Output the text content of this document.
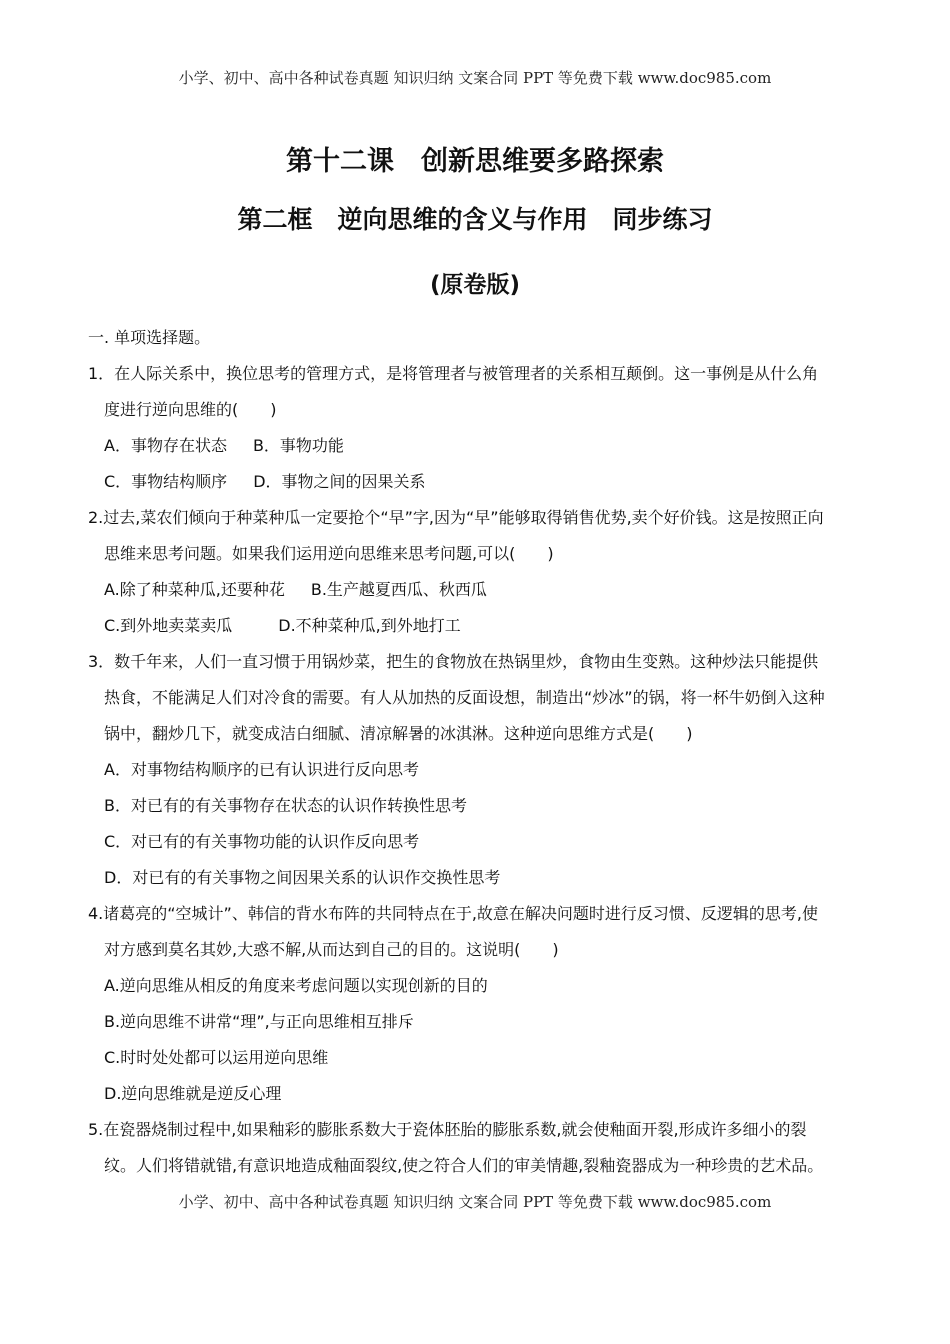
小学、初中、高中各种试卷真题 知识归纳 文案合同 PPT 等免费下载 www.doc985.com
第十二课　创新思维要多路探索
第二框　逆向思维的含义与作用　同步练习
(原卷版)
一. 单项选择题。
1．在人际关系中，换位思考的管理方式，是将管理者与被管理者的关系相互颠倒。这一事例是从什么角
度进行逆向思维的(　　)
A．事物存在状态 B．事物功能
C．事物结构顺序 D．事物之间的因果关系
2.过去,菜农们倾向于种菜种瓜一定要抢个“早”字,因为“早”能够取得销售优势,卖个好价钱。这是按照正向
思维来思考问题。如果我们运用逆向思维来思考问题,可以(　　)
A.除了种菜种瓜,还要种花 B.生产越夏西瓜、秋西瓜
C.到外地卖菜卖瓜	D.不种菜种瓜,到外地打工
3．数千年来，人们一直习惯于用锅炒菜，把生的食物放在热锅里炒，食物由生变熟。这种炒法只能提供
热食，不能满足人们对冷食的需要。有人从加热的反面设想，制造出“炒冰”的锅，将一杯牛奶倒入这种
锅中，翻炒几下，就变成洁白细腻、清凉解暑的冰淇淋。这种逆向思维方式是(　　)
A．对事物结构顺序的已有认识进行反向思考
B．对已有的有关事物存在状态的认识作转换性思考
C．对已有的有关事物功能的认识作反向思考
D．对已有的有关事物之间因果关系的认识作交换性思考
4.诸葛亮的“空城计”、韩信的背水布阵的共同特点在于,故意在解决问题时进行反习惯、反逻辑的思考,使
对方感到莫名其妙,大惑不解,从而达到自己的目的。这说明(　　)
A.逆向思维从相反的角度来考虑问题以实现创新的目的
B.逆向思维不讲常“理”,与正向思维相互排斥
C.时时处处都可以运用逆向思维
D.逆向思维就是逆反心理
5.在瓷器烧制过程中,如果釉彩的膨胀系数大于瓷体胚胎的膨胀系数,就会使釉面开裂,形成许多细小的裂
纹。人们将错就错,有意识地造成釉面裂纹,使之符合人们的审美情趣,裂釉瓷器成为一种珍贵的艺术品。
小学、初中、高中各种试卷真题 知识归纳 文案合同 PPT 等免费下载 www.doc985.com
